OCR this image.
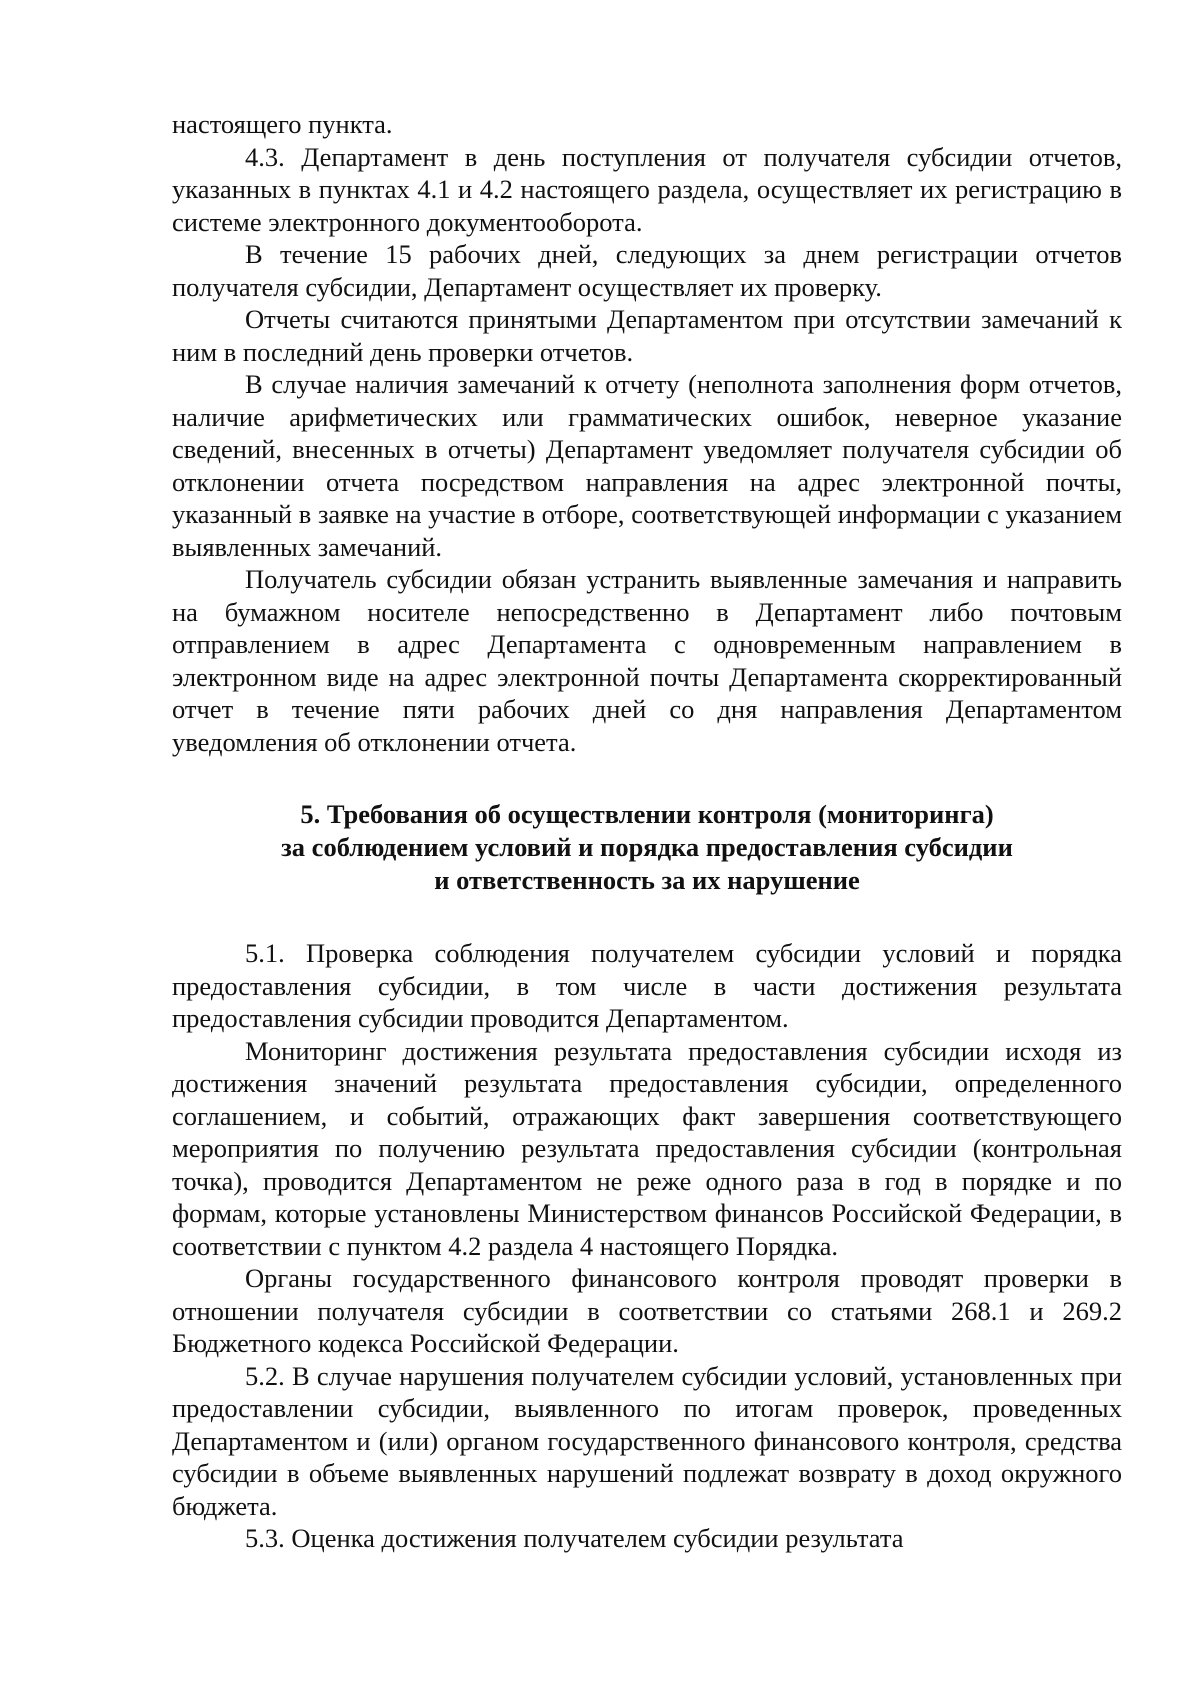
настоящего пункта.

4.3. Департамент в день поступления от получателя субсидии отчетов, указанных в пунктах 4.1 и 4.2 настоящего раздела, осуществляет их регистрацию в системе электронного документооборота.

В течение 15 рабочих дней, следующих за днем регистрации отчетов получателя субсидии, Департамент осуществляет их проверку.

Отчеты считаются принятыми Департаментом при отсутствии замечаний к ним в последний день проверки отчетов.

В случае наличия замечаний к отчету (неполнота заполнения форм отчетов, наличие арифметических или грамматических ошибок, неверное указание сведений, внесенных в отчеты) Департамент уведомляет получателя субсидии об отклонении отчета посредством направления на адрес электронной почты, указанный в заявке на участие в отборе, соответствующей информации с указанием выявленных замечаний.

Получатель субсидии обязан устранить выявленные замечания и направить на бумажном носителе непосредственно в Департамент либо почтовым отправлением в адрес Департамента с одновременным направлением в электронном виде на адрес электронной почты Департамента скорректированный отчет в течение пяти рабочих дней со дня направления Департаментом уведомления об отклонении отчета.

5. Требования об осуществлении контроля (мониторинга)
за соблюдением условий и порядка предоставления субсидии
и ответственность за их нарушение

5.1. Проверка соблюдения получателем субсидии условий и порядка предоставления субсидии, в том числе в части достижения результата предоставления субсидии проводится Департаментом.

Мониторинг достижения результата предоставления субсидии исходя из достижения значений результата предоставления субсидии, определенного соглашением, и событий, отражающих факт завершения соответствующего мероприятия по получению результата предоставления субсидии (контрольная точка), проводится Департаментом не реже одного раза в год в порядке и по формам, которые установлены Министерством финансов Российской Федерации, в соответствии с пунктом 4.2 раздела 4 настоящего Порядка.

Органы государственного финансового контроля проводят проверки в отношении получателя субсидии в соответствии со статьями 268.1 и 269.2 Бюджетного кодекса Российской Федерации.

5.2. В случае нарушения получателем субсидии условий, установленных при предоставлении субсидии, выявленного по итогам проверок, проведенных Департаментом и (или) органом государственного финансового контроля, средства субсидии в объеме выявленных нарушений подлежат возврату в доход окружного бюджета.

5.3. Оценка достижения получателем субсидии результата
